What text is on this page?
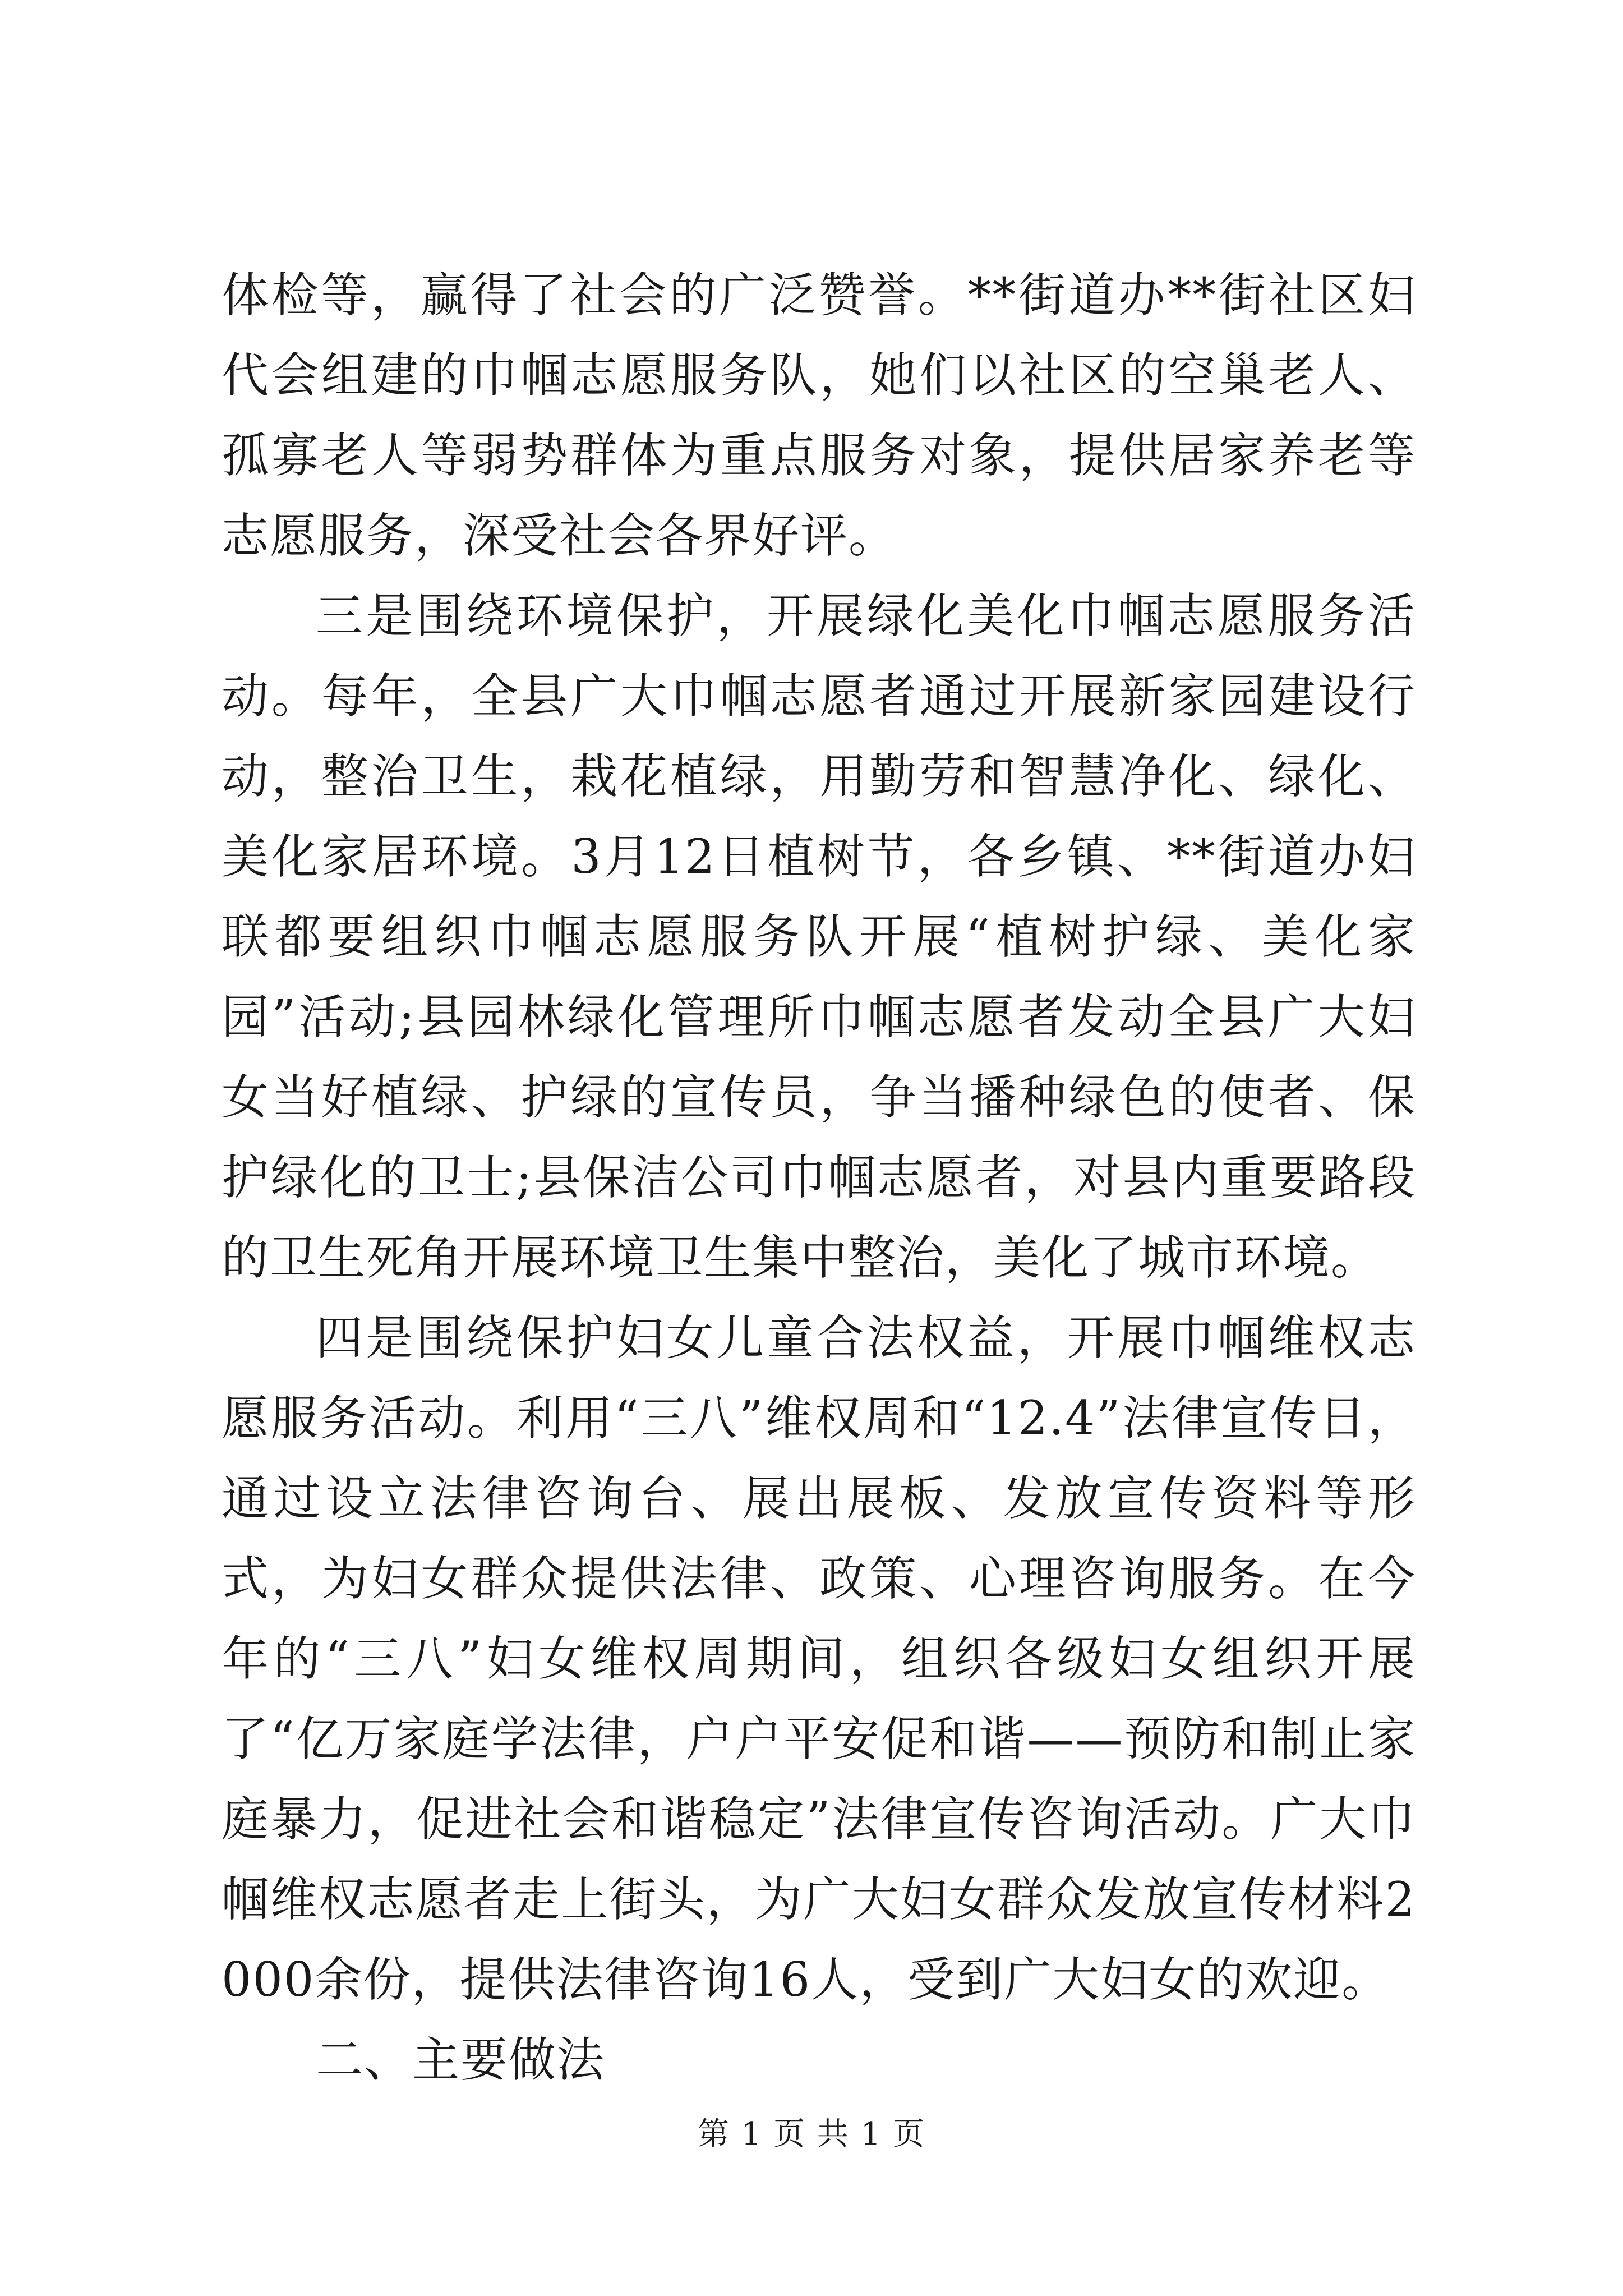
体检等，赢得了社会的广泛赞誉。**街道办**街社区妇代会组建的巾帼志愿服务队，她们以社区的空巢老人、孤寡老人等弱势群体为重点服务对象，提供居家养老等志愿服务，深受社会各界好评。

三是围绕环境保护，开展绿化美化巾帼志愿服务活动。每年，全县广大巾帼志愿者通过开展新家园建设行动，整治卫生，栽花植绿，用勤劳和智慧净化、绿化、美化家居环境。3月12日植树节，各乡镇、**街道办妇联都要组织巾帼志愿服务队开展“植树护绿、美化家园”活动;县园林绿化管理所巾帼志愿者发动全县广大妇女当好植绿、护绿的宣传员，争当播种绿色的使者、保护绿化的卫士;县保洁公司巾帼志愿者，对县内重要路段的卫生死角开展环境卫生集中整治，美化了城市环境。

四是围绕保护妇女儿童合法权益，开展巾帼维权志愿服务活动。利用“三八”维权周和“12.4”法律宣传日，通过设立法律咨询台、展出展板、发放宣传资料等形式，为妇女群众提供法律、政策、心理咨询服务。在今年的“三八”妇女维权周期间，组织各级妇女组织开展了“亿万家庭学法律，户户平安促和谐——预防和制止家庭暴力，促进社会和谐稳定”法律宣传咨询活动。广大巾帼维权志愿者走上街头，为广大妇女群众发放宣传材料2000余份，提供法律咨询16人，受到广大妇女的欢迎。

二、主要做法

第 1 页 共 1 页
